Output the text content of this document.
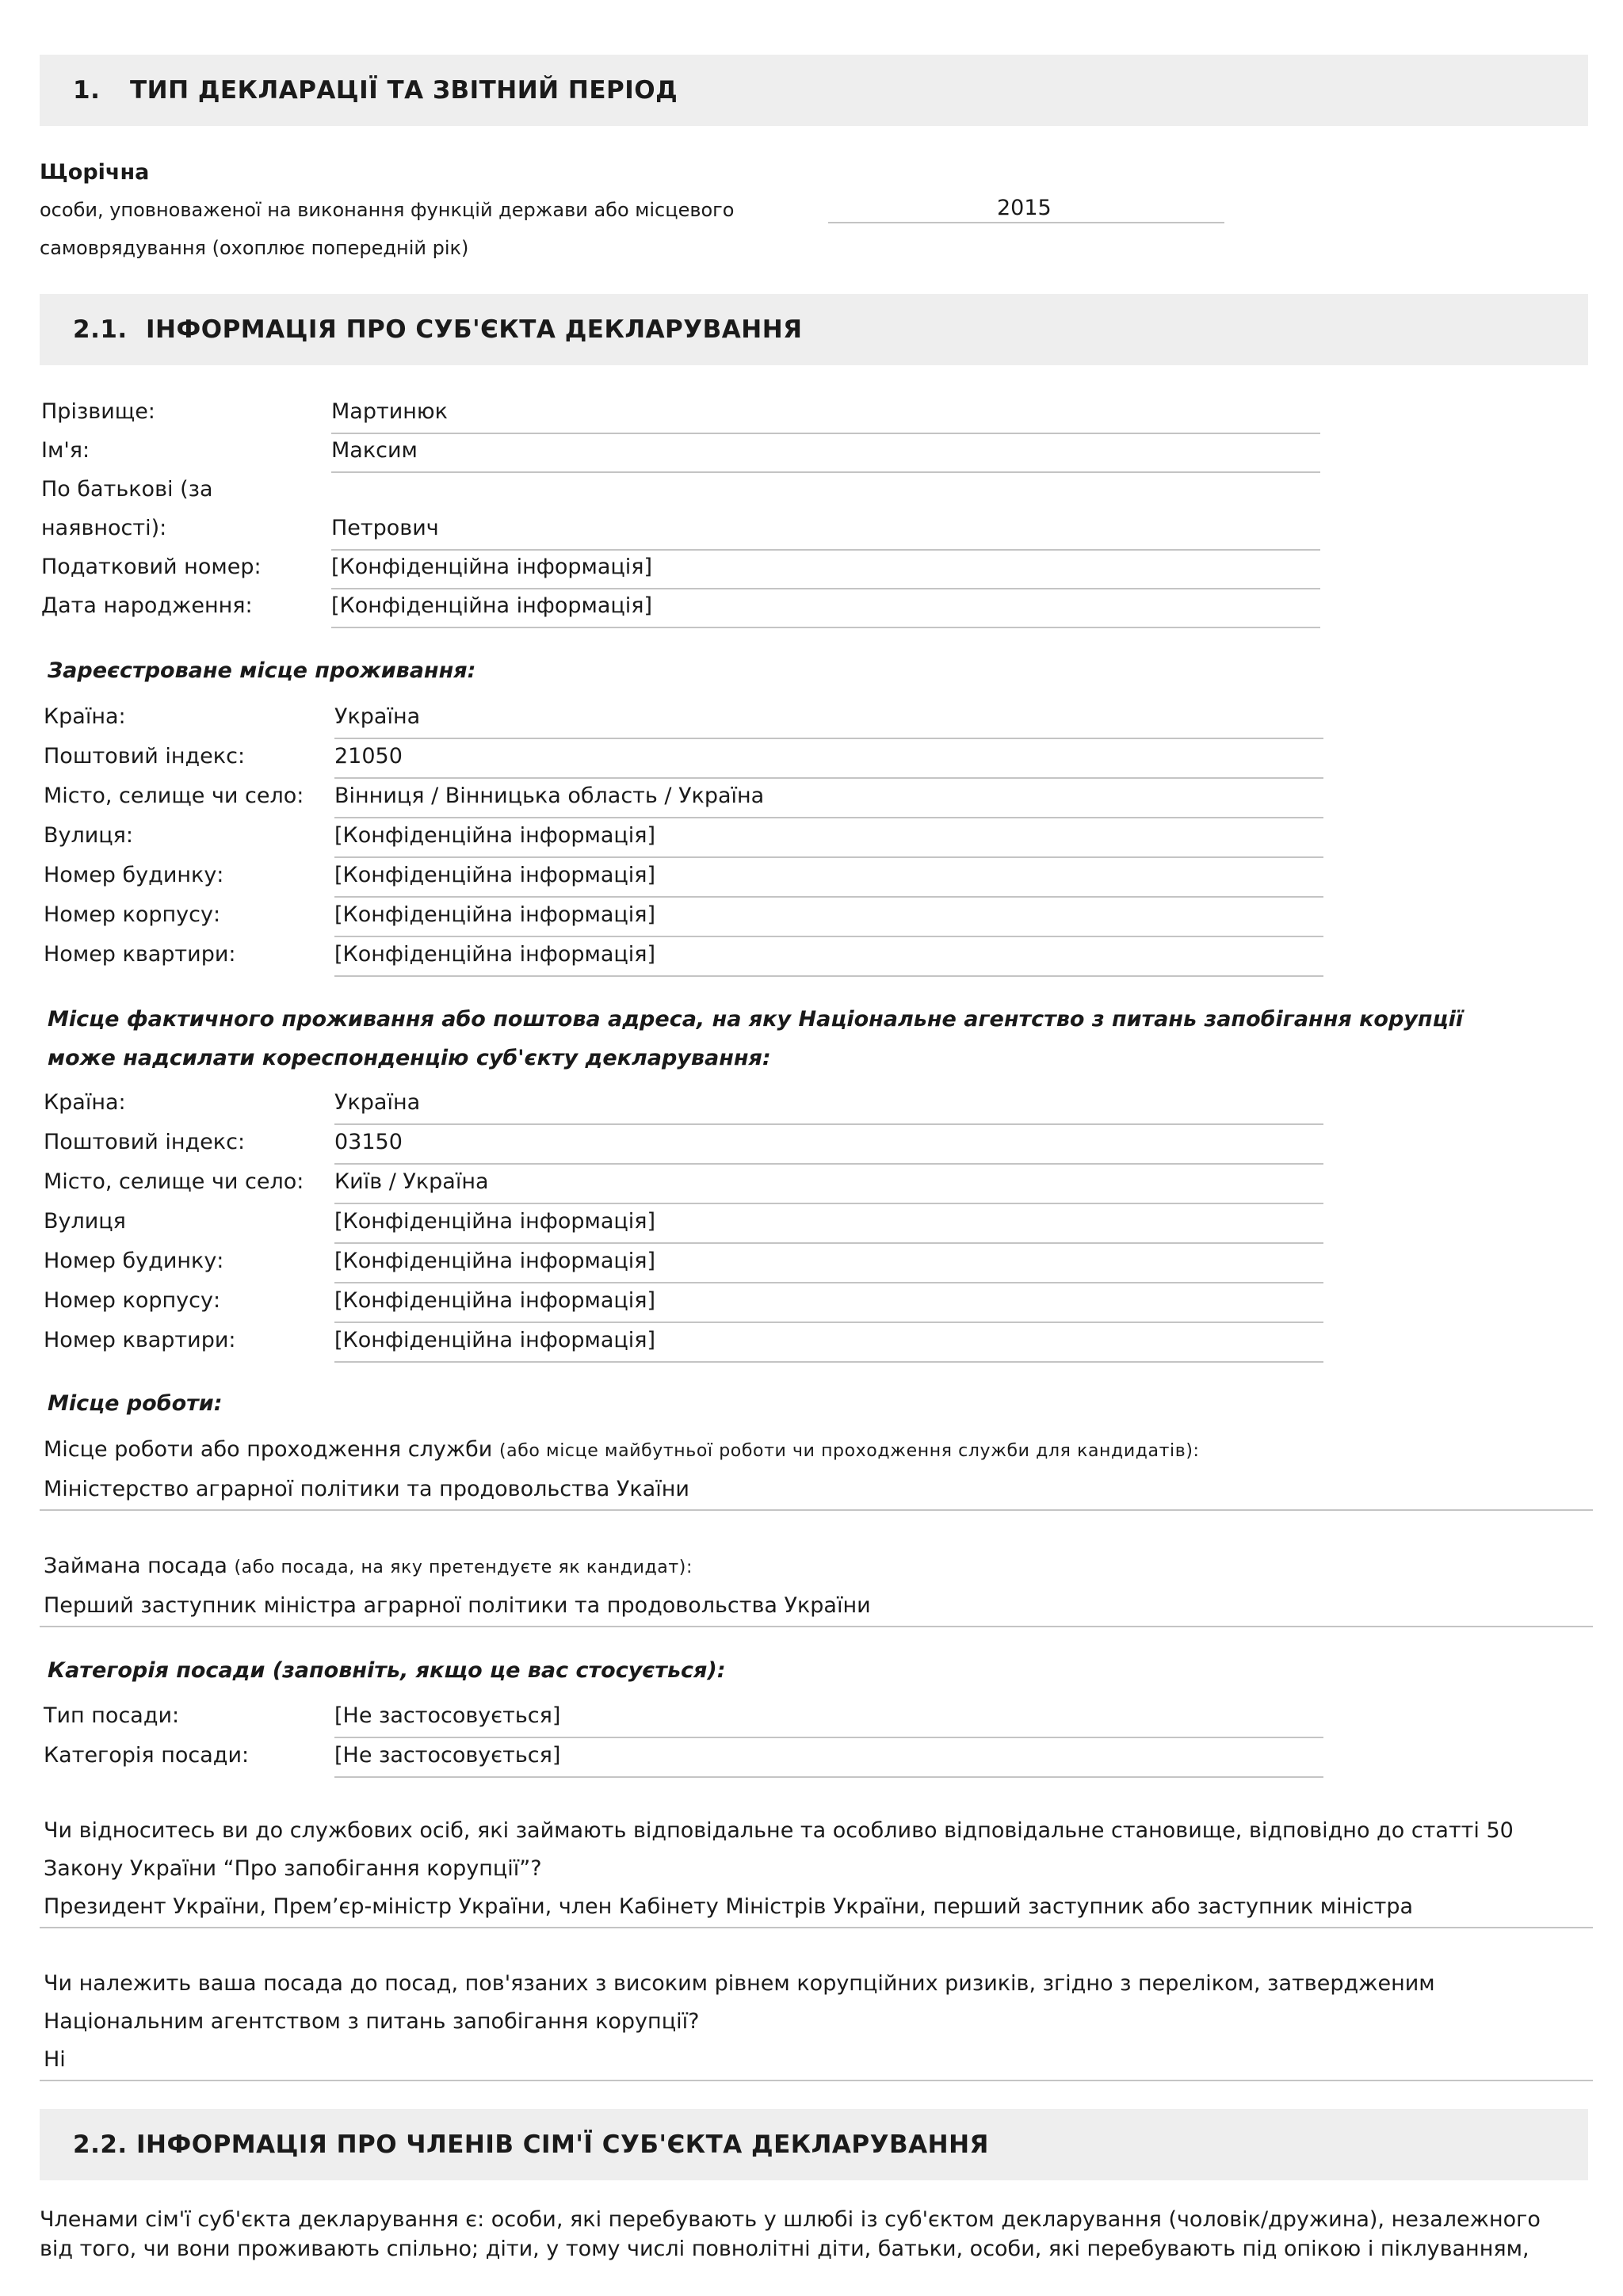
1.	ТИП ДЕКЛАРАЦІЇ ТА ЗВІТНИЙ ПЕРІОД
Щорічна
особи, уповноваженої на виконання функцій держави або місцевого
самоврядування (охоплює попередній рік)
2015
2.1. ІНФОРМАЦІЯ ПРО СУБ'ЄКТА ДЕКЛАРУВАННЯ
Прізвище:	Мартинюк
Ім'я:	Максим
По батькові (за
наявності):	Петрович
Податковий номер:	[Конфіденційна інформація]
Дата народження:	[Конфіденційна інформація]
Зареєстроване місце проживання:
Країна:	Україна
Поштовий індекс:	21050
Місто, селище чи село: Вінниця / Вінницька область / Україна
Вулиця:	[Конфіденційна інформація]
Номер будинку:	[Конфіденційна інформація]
Номер корпусу:	[Конфіденційна інформація]
Номер квартири:	[Конфіденційна інформація]
Місце фактичного проживання або поштова адреса, на яку Національне агентство з питань запобігання корупції
може надсилати кореспонденцію суб'єкту декларування:
Країна:	Україна
Поштовий індекс:	03150
Місто, селище чи село: Київ / Україна
Вулиця	[Конфіденційна інформація]
Номер будинку:	[Конфіденційна інформація]
Номер корпусу:	[Конфіденційна інформація]
Номер квартири:	[Конфіденційна інформація]
Місце роботи:
Місце роботи або проходження служби (або місце майбутньої роботи чи проходження служби для кандидатів):
Міністерство аграрної політики та продовольства Укаїни
Займана посада (або посада, на яку претендуєте як кандидат):
Перший заступник міністра аграрної політики та продовольства України
Категорія посади (заповніть, якщо це вас стосується):
Тип посади:	[Не застосовується]
Категорія посади:	[Не застосовується]
Чи відноситесь ви до службових осіб, які займають відповідальне та особливо відповідальне становище, відповідно до статті 50
Закону України “Про запобігання корупції”?
Президент України, Прем’єр-міністр України, член Кабінету Міністрів України, перший заступник або заступник міністра
Чи належить ваша посада до посад, пов'язаних з високим рівнем корупційних ризиків, згідно з переліком, затвердженим
Національним агентством з питань запобігання корупції?
Ні
2.2. ІНФОРМАЦІЯ ПРО ЧЛЕНІВ СІМ'Ї СУБ'ЄКТА ДЕКЛАРУВАННЯ
Членами сім'ї суб'єкта декларування є: особи, які перебувають у шлюбі із суб'єктом декларування (чоловік/дружина), незалежного
від того, чи вони проживають спільно; діти, у тому числі повнолітні діти, батьки, особи, які перебувають під опікою і піклуванням,
